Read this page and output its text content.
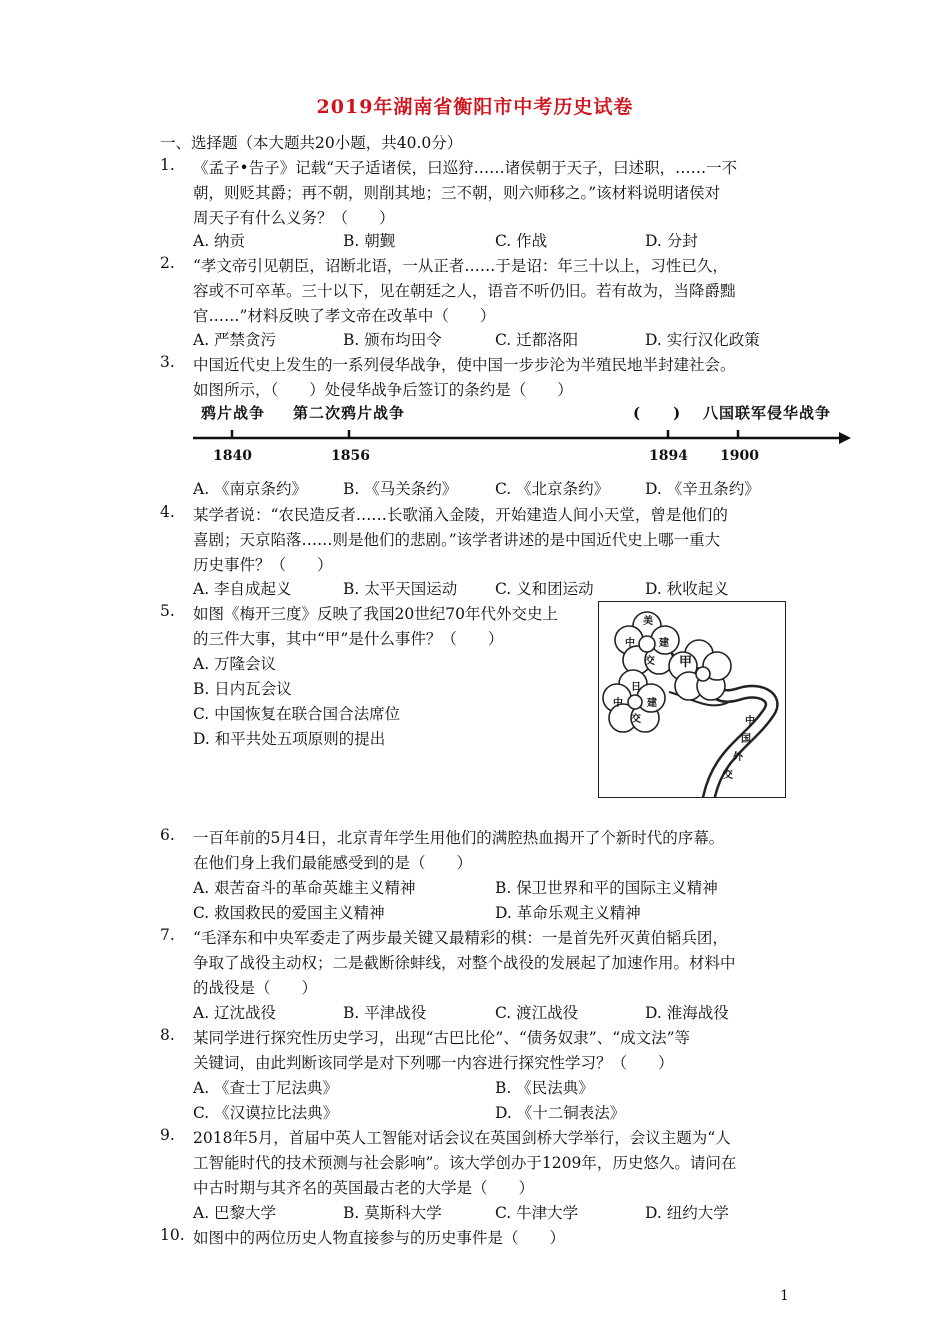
2019年湖南省衡阳市中考历史试卷
一、选择题（本大题共20小题，共40.0分）
1.	《孟子•告子》记载“天子适诸侯，曰巡狩……诸侯朝于天子，曰述职，……一不
朝，则贬其爵；再不朝，则削其地；三不朝，则六师移之。”该材料说明诸侯对
周天子有什么义务？（　　）
A. 纳贡	B. 朝觐	C. 作战	D. 分封
2.	“孝文帝引见朝臣，诏断北语，一从正者……于是诏：年三十以上，习性已久，
容或不可卒革。三十以下，见在朝廷之人，语音不听仍旧。若有故为，当降爵黜
官……”材料反映了孝文帝在改革中（　　）
A. 严禁贪污	B. 颁布均田令	C. 迁都洛阳	D. 实行汉化政策
3.	中国近代史上发生的一系列侵华战争，使中国一步步沦为半殖民地半封建社会。
如图所示，（　　）处侵华战争后签订的条约是（　　）
鸦片战争 第二次鸦片战争	(　　) 八国联军侵华战争
1840	1856	1894 1900
A. 《南京条约》 B. 《马关条约》 C. 《北京条约》 D. 《辛丑条约》
4.	某学者说：“农民造反者……长歌涌入金陵，开始建造人间小天堂，曾是他们的
喜剧；天京陷落……则是他们的悲剧。”该学者讲述的是中国近代史上哪一重大
历史事件？（　　）
A. 李自成起义	B. 太平天国运动 C. 义和团运动	D. 秋收起义
5.	如图《梅开三度》反映了我国20世纪70年代外交史上
的三件大事，其中“甲”是什么事件？（　　）
A. 万隆会议
B. 日内瓦会议
C. 中国恢复在联合国合法席位
D. 和平共处五项原则的提出
美
中 建
交 甲
日
中 建
交	中
国
外
交
6.	一百年前的5月4日，北京青年学生用他们的满腔热血揭开了个新时代的序幕。
在他们身上我们最能感受到的是（　　）
A. 艰苦奋斗的革命英雄主义精神	B. 保卫世界和平的国际主义精神
C. 救国救民的爱国主义精神	D. 革命乐观主义精神
7.	“毛泽东和中央军委走了两步最关键又最精彩的棋：一是首先歼灭黄伯韬兵团，
争取了战役主动权；二是截断徐蚌线，对整个战役的发展起了加速作用。材料中
的战役是（　　）
A. 辽沈战役	B. 平津战役	C. 渡江战役	D. 淮海战役
8.	某同学进行探究性历史学习，出现“古巴比伦”、“债务奴隶”、“成文法”等
关键词，由此判断该同学是对下列哪一内容进行探究性学习？（　　）
A. 《查士丁尼法典》	B. 《民法典》
C. 《汉谟拉比法典》	D. 《十二铜表法》
9.	2018年5月，首届中英人工智能对话会议在英国剑桥大学举行，会议主题为“人
工智能时代的技术预测与社会影响”。该大学创办于1209年，历史悠久。请问在
中古时期与其齐名的英国最古老的大学是（　　）
A. 巴黎大学	B. 莫斯科大学	C. 牛津大学	D. 纽约大学
10. 如图中的两位历史人物直接参与的历史事件是（　　）
1
